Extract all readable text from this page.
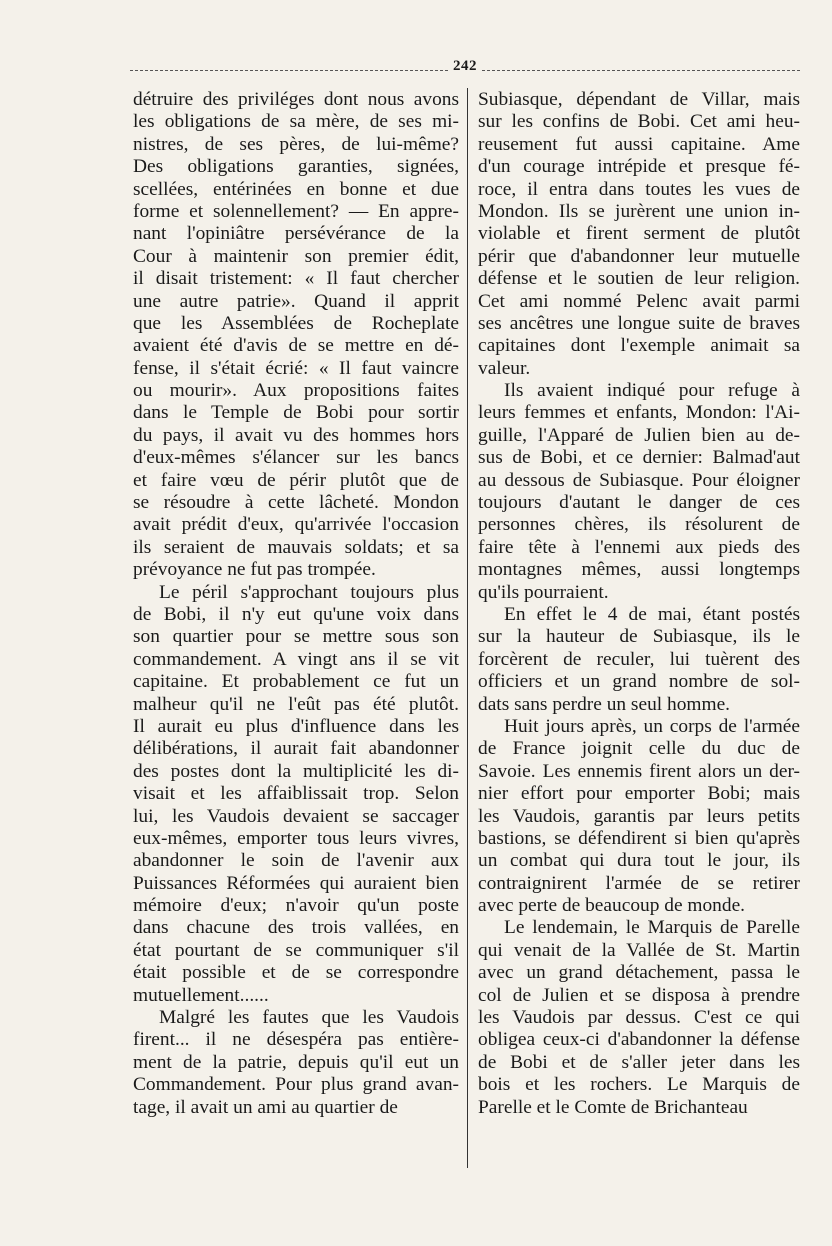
242
détruire des priviléges dont nous avons
les obligations de sa mère, de ses mi-
nistres, de ses pères, de lui-même?
Des obligations garanties, signées,
scellées, entérinées en bonne et due
forme et solennellement? — En appre-
nant l'opiniâtre persévérance de la
Cour à maintenir son premier édit,
il disait tristement: « Il faut chercher
une autre patrie». Quand il apprit
que les Assemblées de Rocheplate
avaient été d'avis de se mettre en dé-
fense, il s'était écrié: « Il faut vaincre
ou mourir». Aux propositions faites
dans le Temple de Bobi pour sortir
du pays, il avait vu des hommes hors
d'eux-mêmes s'élancer sur les bancs
et faire vœu de périr plutôt que de
se résoudre à cette lâcheté. Mondon
avait prédit d'eux, qu'arrivée l'occasion
ils seraient de mauvais soldats; et sa
prévoyance ne fut pas trompée.
Le péril s'approchant toujours plus
de Bobi, il n'y eut qu'une voix dans
son quartier pour se mettre sous son
commandement. A vingt ans il se vit
capitaine. Et probablement ce fut un
malheur qu'il ne l'eût pas été plutôt.
Il aurait eu plus d'influence dans les
délibérations, il aurait fait abandonner
des postes dont la multiplicité les di-
visait et les affaiblissait trop. Selon
lui, les Vaudois devaient se saccager
eux-mêmes, emporter tous leurs vivres,
abandonner le soin de l'avenir aux
Puissances Réformées qui auraient bien
mémoire d'eux; n'avoir qu'un poste
dans chacune des trois vallées, en
état pourtant de se communiquer s'il
était possible et de se correspondre
mutuellement......
Malgré les fautes que les Vaudois
firent... il ne désespéra pas entière-
ment de la patrie, depuis qu'il eut un
Commandement. Pour plus grand avan-
tage, il avait un ami au quartier de
Subiasque, dépendant de Villar, mais
sur les confins de Bobi. Cet ami heu-
reusement fut aussi capitaine. Ame
d'un courage intrépide et presque fé-
roce, il entra dans toutes les vues de
Mondon. Ils se jurèrent une union in-
violable et firent serment de plutôt
périr que d'abandonner leur mutuelle
défense et le soutien de leur religion.
Cet ami nommé Pelenc avait parmi
ses ancêtres une longue suite de braves
capitaines dont l'exemple animait sa
valeur.
Ils avaient indiqué pour refuge à
leurs femmes et enfants, Mondon: l'Ai-
guille, l'Apparé de Julien bien au de-
sus de Bobi, et ce dernier: Balmad'aut
au dessous de Subiasque. Pour éloigner
toujours d'autant le danger de ces
personnes chères, ils résolurent de
faire tête à l'ennemi aux pieds des
montagnes mêmes, aussi longtemps
qu'ils pourraient.
En effet le 4 de mai, étant postés
sur la hauteur de Subiasque, ils le
forcèrent de reculer, lui tuèrent des
officiers et un grand nombre de sol-
dats sans perdre un seul homme.
Huit jours après, un corps de l'armée
de France joignit celle du duc de
Savoie. Les ennemis firent alors un der-
nier effort pour emporter Bobi; mais
les Vaudois, garantis par leurs petits
bastions, se défendirent si bien qu'après
un combat qui dura tout le jour, ils
contraignirent l'armée de se retirer
avec perte de beaucoup de monde.
Le lendemain, le Marquis de Parelle
qui venait de la Vallée de St. Martin
avec un grand détachement, passa le
col de Julien et se disposa à prendre
les Vaudois par dessus. C'est ce qui
obligea ceux-ci d'abandonner la défense
de Bobi et de s'aller jeter dans les
bois et les rochers. Le Marquis de
Parelle et le Comte de Brichanteau
